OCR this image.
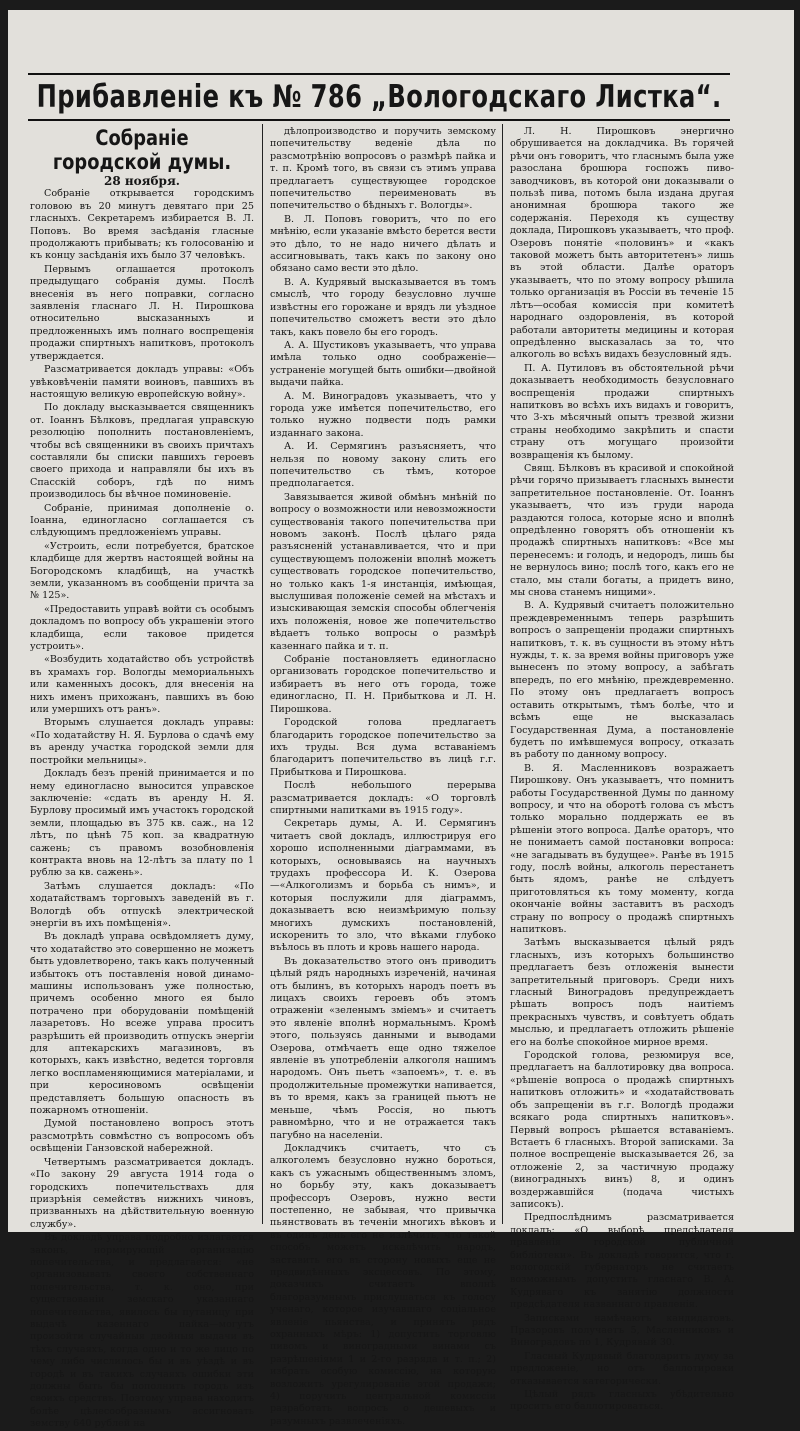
Прибавленіе къ № 786 „Вологодскаго Листка“.

Собраніе городской думы.

28 ноября.

Собраніе открывается городскимъ головою въ 20 минутъ девятаго при 25 гласныхъ. Секретаремъ избирается В. Л. Поповъ. Во время засѣданія гласные продолжаютъ прибывать; къ голосованію и къ концу засѣданія ихъ было 37 человѣкъ.

Первымъ оглашается протоколъ предыдущаго собранія думы. Послѣ внесенія въ него поправки, согласно заявленія гласнаго Л. Н. Пирошкова относительно высказанныхъ и предложенныхъ имъ полнаго воспрещенія продажи спиртныхъ напитковъ, протоколъ утверждается.

Разсматривается докладъ управы: «Объ увѣковѣченіи памяти воиновъ, павшихъ въ настоящую великую европейскую войну».

По докладу высказывается священникъ от. Іоаннъ Бѣлковъ, предлагая управскую резолюцію пополнить постановленіемъ, чтобы всѣ священники въ своихъ причтахъ составляли бы списки павшихъ героевъ своего прихода и направляли бы ихъ въ Спасскій соборъ, гдѣ по нимъ производилось бы вѣчное поминовеніе.

Собраніе, принимая дополненіе о. Іоанна, единогласно соглашается съ слѣдующимъ предложеніемъ управы.

«Устроить, если потребуется, братское кладбище для жертвъ настоящей войны на Богородскомъ кладбищѣ, на участкѣ земли, указанномъ въ сообщеніи причта за № 125».

«Предоставить управѣ войти съ особымъ докладомъ по вопросу объ украшеніи этого кладбища, если таковое придется устроить».

«Возбудить ходатайство объ устройствѣ въ храмахъ гор. Вологды мемориальныхъ или каменныхъ досокъ, для внесенія на нихъ именъ прихожанъ, павшихъ въ бою или умершихъ отъ ранъ».

Вторымъ слушается докладъ управы: «По ходатайству Н. Я. Бурлова о сдачѣ ему въ аренду участка городской земли для постройки мельницы».

Докладъ безъ преній принимается и по нему единогласно выносится управское заключеніе: «сдать въ аренду Н. Я. Бурлову просимый имъ участокъ городской земли, площадью въ 375 кв. саж., на 12 лѣтъ, по цѣнѣ 75 коп. за квадратную сажень; съ правомъ возобновленія контракта вновь на 12-лѣтъ за плату по 1 рублю за кв. сажень».

Затѣмъ слушается докладъ: «По ходатайствамъ торговыхъ заведеній въ г. Вологдѣ объ отпускѣ электрической энергіи въ ихъ помѣщенія».

Въ докладѣ управа освѣдомляетъ думу, что ходатайство это совершенно не можетъ быть удовлетворено, такъ какъ полученный избытокъ отъ поставленія новой динамо-машины использованъ уже полностью, причемъ особенно много ея было потрачено при оборудованіи помѣщеній лазаретовъ. Но всеже управа проситъ разрѣшить ей производить отпускъ энергіи для аптекарскихъ магазиновъ, въ которыхъ, какъ извѣстно, ведется торговля легко воспламеняющимися матеріалами, и при керосиновомъ освѣщеніи представляетъ большую опасность въ пожарномъ отношеніи.

Думой постановлено вопросъ этотъ разсмотрѣть совмѣстно съ вопросомъ объ освѣщеніи Ганзовской набережной.

Четвертымъ разсматривается докладъ. «По закону 29 августа 1914 года о городскихъ попечительствахъ для призрѣнія семействъ нижнихъ чиновъ, призванныхъ на дѣйствительную военную службу».

Въ докладѣ управа подробно излагается законъ, нормирующій организацію попечительства, и предлагается: «не организовывать своего собственнаго попечительства, т. к. оно, при существованіи земскаго указаннаго попечительства, явилось бы путаницу при выдачѣ казеннаго пайка—могутъ произойти случайныя двойныя выдачи въ тѣхъ случаяхъ, когда одно и то же лицо по чему либо числилось бы и въ уѣздѣ и въ городѣ и въ такихъ случаяхъ ошибки эти должны быть бы пополнить городъ изъ своихъ средствъ. Поэтому управа находитъ болѣе цѣлесообразнымъ ассигновать земству 640 рублей на

дѣлопроизводство и поручить земскому попечительству веденіе дѣла по разсмотрѣнію вопросовъ о размѣрѣ пайка и т. п. Кромѣ того, въ связи съ этимъ управа предлагаетъ существующее городское попечительство переименовать въ попечительство о бѣдныхъ г. Вологды».

В. Л. Поповъ говоритъ, что по его мнѣнію, если указаніе вмѣсто берется вести это дѣло, то не надо ничего дѣлать и ассигновывать, такъ какъ по закону оно обязано само вести это дѣло.

В. А. Кудрявый высказывается въ томъ смыслѣ, что городу безусловно лучше извѣстны его горожане и врядъ ли уѣздное попечительство сможетъ вести это дѣло такъ, какъ повело бы его городъ.

А. А. Шустиковъ указываетъ, что управа имѣла только одно соображеніе—устраненіе могущей быть ошибки—двойной выдачи пайка.

А. М. Виноградовъ указываетъ, что у города уже имѣется попечительство, его только нужно подвести подъ рамки изданнаго закона.

А. И. Сермягинъ разъясняетъ, что нельзя по новому закону слить его попечительство съ тѣмъ, которое предполагается.

Завязывается живой обмѣнъ мнѣній по вопросу о возможности или невозможности существованія такого попечительства при новомъ законѣ. Послѣ цѣлаго ряда разъясненій устанавливается, что и при существующемъ положеніи вполнѣ можетъ существовать городское попечительство, но только какъ 1-я инстанція, имѣющая, выслушивая положеніе семей на мѣстахъ и изыскивающая земскія способы облегченія ихъ положенія, новое же попечительство вѣдаетъ только вопросы о размѣрѣ казеннаго пайка и т. п.

Собраніе постановляетъ единогласно организовать городское попечительство и избираетъ въ него отъ города, тоже единогласно, П. Н. Прибыткова и Л. Н. Пирошкова.

Городской голова предлагаетъ благодарить городское попечительство за ихъ труды. Вся дума вставаніемъ благодаритъ попечительство въ лицѣ г.г. Прибыткова и Пирошкова.

Послѣ небольшого перерыва разсматривается докладъ: «О торговлѣ спиртными напитками въ 1915 году».

Секретарь думы, А. И. Сермягинъ читаетъ свой докладъ, иллюстрируя его хорошо исполненными діаграммами, въ которыхъ, основываясь на научныхъ трудахъ профессора И. К. Озерова—«Алкоголизмъ и борьба съ нимъ», и которыя послужили для діаграммъ, доказываетъ всю неизмѣримую пользу многихъ думскихъ постановленій, искоренить то зло, что вѣками глубоко въѣлось въ плоть и кровь нашего народа.

Въ доказательство этого онъ приводитъ цѣлый рядъ народныхъ изреченій, начиная отъ былинъ, въ которыхъ народъ поетъ въ лицахъ своихъ героевъ объ этомъ отраженіи «зеленымъ зміемъ» и считаетъ это явленіе вполнѣ нормальнымъ. Кромѣ этого, пользуясь данными и выводами Озерова, отмѣчаетъ еще одно тяжелое явленіе въ употребленіи алкоголя нашимъ народомъ. Онъ пьетъ «запоемъ», т. е. въ продолжительные промежутки напивается, въ то время, какъ за границей пьютъ не меньше, чѣмъ Россія, но пьютъ равномѣрно, что и не отражается такъ пагубно на населеніи.

Докладчикъ считаетъ, что съ алкоголемъ безусловно нужно бороться, какъ съ ужаснымъ общественнымъ зломъ, но борьбу эту, какъ доказываетъ профессоръ Озеровъ, нужно вести постепенно, не забывая, что привычка пьянствовать въ теченіи многихъ вѣковъ и въ одинъ день его не излѣчить, что такой способъ можетъ искалѣчить народъ, заставить его въ сторону новыхъ еще не предвидѣнныхъ эксцессовъ. По этому, доказчикъ считаетъ вполнѣ благоразумнымъ прислушаться къ голосу ученаго, которое изучавшаго соціальное явленіе пьянства, и принять рядъ охранныхъ мѣръ: 1) допустить торговлю пивомъ и виноградными винами съ разрѣшеніями 1 и 2-го разряда и т. п.; 2) избрать особую комиссію, на которую возложить урегулированіе этой продажи; 4) поручить центральной комиссіи разработать вопросъ о дешевыхъ и разумныхъ развлеченіяхъ.

Л. Н. Пирошковъ энергично обрушивается на докладчика. Въ горячей рѣчи онъ говоритъ, что гласнымъ была уже разослана брошюра госпожъ пиво-заводчиковъ, въ которой они доказывали о пользѣ пива, потомъ была издана другая анонимная брошюра такого же содержанія. Переходя къ существу доклада, Пирошковъ указываетъ, что проф. Озеровъ понятіе «половинъ» и «какъ таковой можетъ быть авторитетенъ» лишь въ этой области. Далѣе ораторъ указываетъ, что по этому вопросу рѣшила только организація въ Россіи въ теченіе 15 лѣтъ—особая комиссія при комитетѣ народнаго оздоровленія, въ которой работали авторитеты медицины и которая опредѣленно высказалась за то, что алкоголь во всѣхъ видахъ безусловный ядъ.

П. А. Путиловъ въ обстоятельной рѣчи доказываетъ необходимость безусловнаго воспрещенія продажи спиртныхъ напитковъ во всѣхъ ихъ видахъ и говоритъ, что 3-хъ мѣсячный опытъ трезвой жизни страны необходимо закрѣпить и спасти страну отъ могущаго произойти возвращенія къ былому.

Свящ. Бѣлковъ въ красивой и спокойной рѣчи горячо призываетъ гласныхъ вынести запретительное постановленіе. От. Іоаннъ указываетъ, что изъ груди народа раздаются голоса, которые ясно и вполнѣ опредѣленно говорятъ объ отношеніи къ продажѣ спиртныхъ напитковъ: «Все мы перенесемъ: и голодъ, и недородъ, лишь бы не вернулось вино; послѣ того, какъ его не стало, мы стали богаты, а придетъ вино, мы снова станемъ нищими».

В. А. Кудрявый считаетъ положительно преждевременнымъ теперь разрѣшить вопросъ о запрещеніи продажи спиртныхъ напитковъ, т. к. въ сущности въ этому нѣтъ нужды, т. к. за время войны приговоръ уже вынесенъ по этому вопросу, а забѣгать впередъ, по его мнѣнію, преждевременно. По этому онъ предлагаетъ вопросъ оставить открытымъ, тѣмъ болѣе, что и всѣмъ еще не высказалась Государственная Дума, а постановленіе будетъ по имѣвшемуся вопросу, отказать въ работу по данному вопросу.

В. Я. Масленниковъ возражаетъ Пирошкову. Онъ указываетъ, что помнитъ работы Государственной Думы по данному вопросу, и что на оборотѣ голова съ мѣстъ только морально поддержать ее въ рѣшеніи этого вопроса. Далѣе ораторъ, что не понимаетъ самой постановки вопроса: «не загадывать въ будущее». Ранѣе въ 1915 году, послѣ войны, алкоголь перестанетъ быть ядомъ, ранѣе не слѣдуетъ приготовляться къ тому моменту, когда окончаніе войны заставитъ въ расходъ страну по вопросу о продажѣ спиртныхъ напитковъ.

Затѣмъ высказывается цѣлый рядъ гласныхъ, изъ которыхъ большинство предлагаетъ безъ отложенія вынести запретительный приговоръ. Среди нихъ гласный Виноградовъ предупреждаетъ рѣшать вопросъ подъ наитіемъ прекрасныхъ чувствъ, и совѣтуетъ обдать мыслью, и предлагаетъ отложить рѣшеніе его на болѣе спокойное мирное время.

Городской голова, резюмируя все, предлагаетъ на баллотировку два вопроса. «рѣшеніе вопроса о продажѣ спиртныхъ напитковъ отложить» и «ходатайствовать объ запрещеніи въ г.г. Вологдѣ продажи всякаго рода спиртныхъ напитковъ». Первый вопросъ рѣшается вставаніемъ. Встаетъ 6 гласныхъ. Второй записками. За полное воспрещеніе высказывается 26, за отложеніе 2, за частичную продажу (виноградныхъ винъ) 8, и одинъ воздержавшійся (подача чистыхъ записокъ).

Предпослѣднимъ разсматривается докладъ: «О выборѣ предсѣдателя правленія городской публичной библіотеки». Въ докладѣ говорится, что г. вологодскій губернаторъ не считаетъ возможнымъ допустить гласнаго В. А. Кудряваго къ занятію должности предсѣдателя названнаго правленія.

Записками намѣчаютъ кандидатовъ. Празоровъ получаетъ 5, Масленниковъ и Виноградовъ по 1, Кудрявый 30.

Гласный Кудрявый благодаритъ думу за предложеніе, но отъ баллотировки отказывается категорически.

Цѣлый рядъ гласныхъ убѣдительно проситъ его баллотироваться.
